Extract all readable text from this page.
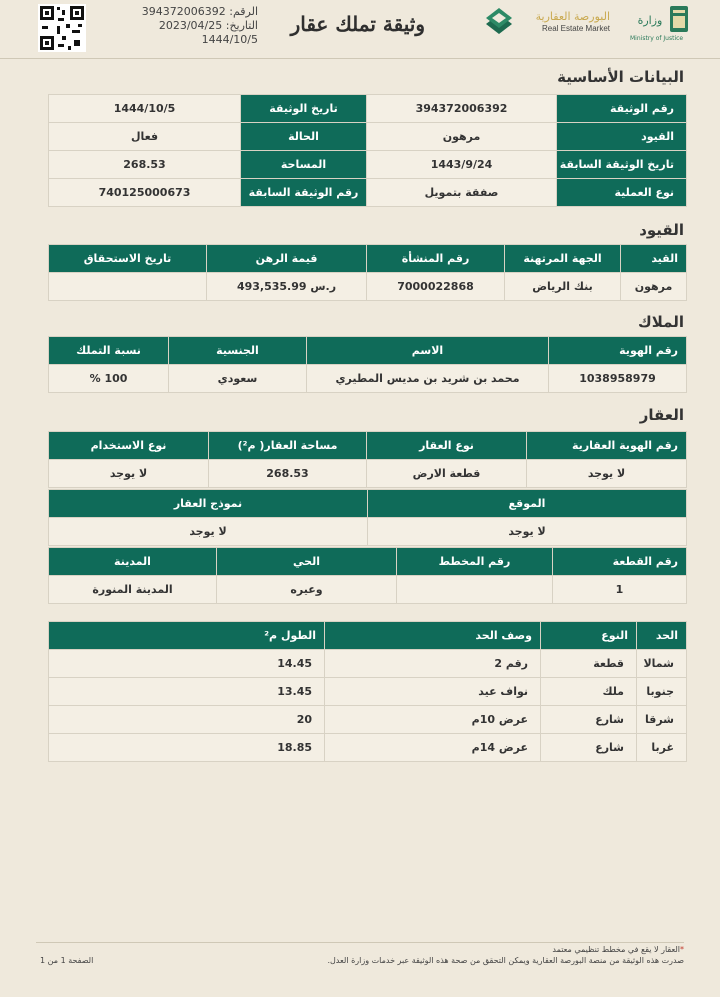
وزارة
Ministry of Justice
البورصة العقارية
Real Estate Market
وثيقة تملك عقار
الرقم: 394372006392
التاريخ: 2023/04/25
1444/10/5
البيانات الأساسية
رقم الوثيقة	394372006392	تاريخ الوثيقة	1444/10/5
القيود	مرهون	الحالة	فعال
تاريخ الوثيقة السابقة	1443/9/24	المساحة	268.53
نوع العملية	صفقة بتمويل	رقم الوثيقة السابقة	740125000673
القيود
القيد	الجهة المرتهنة	رقم المنشأة	قيمة الرهن	تاريخ الاستحقاق
مرهون	بنك الرياض	7000022868	ر.س 493,535.99	
الملاك
رقم الهوية	الاسم	الجنسية	نسبة التملك
1038958979	محمد بن شريد بن مديس المطيري	سعودي	100 %
العقار
رقم الهوية العقارية	نوع العقار	مساحة العقار( م²)	نوع الاستخدام
لا يوجد	قطعة الارض	268.53	لا يوجد
الموقع	نموذج العقار
لا يوجد	لا يوجد
رقم القطعة	رقم المخطط	الحي	المدينة
1		وعيره	المدينة المنورة
الحد	النوع	وصف الحد	الطول م²
شمالا	قطعة	رقم 2	14.45
جنوبا	ملك	نواف عيد	13.45
شرقا	شارع	عرض 10م	20
غربا	شارع	عرض 14م	18.85
*العقار لا يقع في مخطط تنظيمي معتمد
صدرت هذه الوثيقة من منصة البورصة العقارية ويمكن التحقق من صحة هذه الوثيقة عبر خدمات وزارة العدل.
الصفحة 1 من 1
